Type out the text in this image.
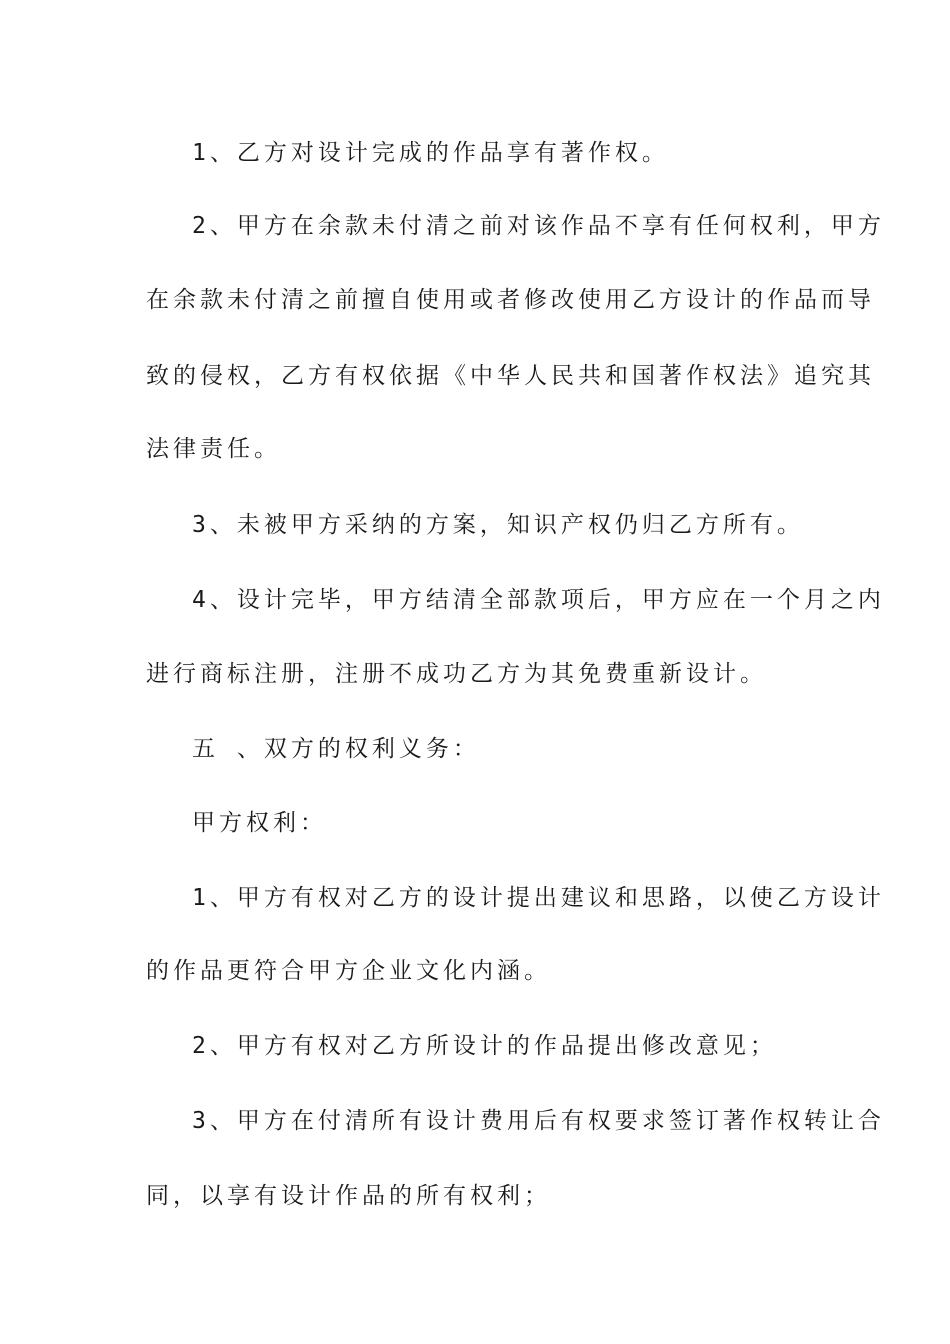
1、乙方对设计完成的作品享有著作权。
2、甲方在余款未付清之前对该作品不享有任何权利，甲方
在余款未付清之前擅自使用或者修改使用乙方设计的作品而导
致的侵权，乙方有权依据《中华人民共和国著作权法》追究其
法律责任。
3、未被甲方采纳的方案，知识产权仍归乙方所有。
4、设计完毕，甲方结清全部款项后，甲方应在一个月之内
进行商标注册，注册不成功乙方为其免费重新设计。
五 、双方的权利义务：
甲方权利：
1、甲方有权对乙方的设计提出建议和思路，以使乙方设计
的作品更符合甲方企业文化内涵。
2、甲方有权对乙方所设计的作品提出修改意见；
3、甲方在付清所有设计费用后有权要求签订著作权转让合
同，以享有设计作品的所有权利；
